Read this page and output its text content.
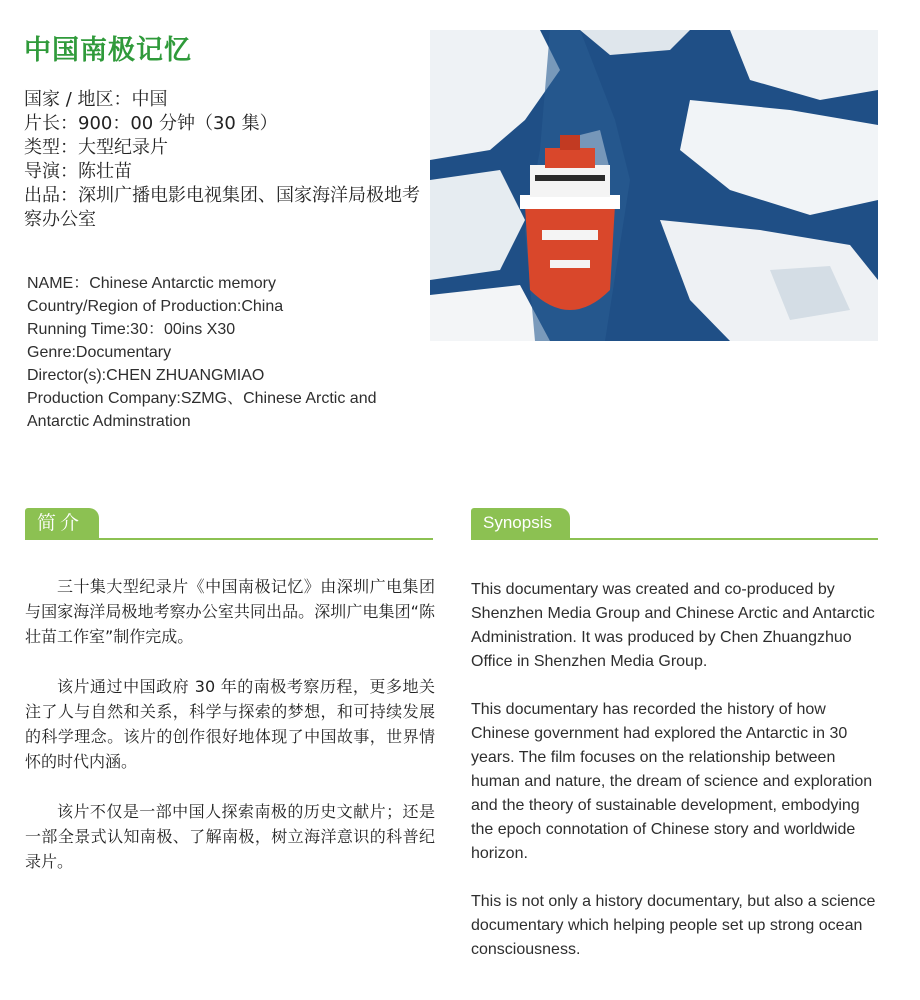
中国南极记忆
国家 / 地区：中国
片长：900：00 分钟（30 集）
类型：大型纪录片
导演：陈壮苗
出品：深圳广播电影电视集团、国家海洋局极地考察办公室
NAME：Chinese Antarctic memory
Country/Region of Production:China
Running Time:30：00ins X30
Genre:Documentary
Director(s):CHEN ZHUANGMIAO
Production Company:SZMG、Chinese Arctic and Antarctic Adminstration
简介	Synopsis

三十集大型纪录片《中国南极记忆》由深圳广电集团与国家海洋局极地考察办公室共同出品。深圳广电集团“陈壮苗工作室”制作完成。

该片通过中国政府 30 年的南极考察历程，更多地关注了人与自然和关系，科学与探索的梦想，和可持续发展的科学理念。该片的创作很好地体现了中国故事，世界情怀的时代内涵。

该片不仅是一部中国人探索南极的历史文献片；还是一部全景式认知南极、了解南极，树立海洋意识的科普纪录片。

This documentary was created and co-produced by Shenzhen Media Group and Chinese Arctic and Antarctic Administration. It was produced by Chen Zhuangzhuo Office in Shenzhen Media Group.

This documentary has recorded the history of how Chinese government had explored the Antarctic in 30 years. The film focuses on the relationship between human and nature, the dream of science and exploration and the theory of sustainable development, embodying the epoch connotation of Chinese story and worldwide horizon.

This is not only a history documentary, but also a science documentary which helping people set up strong ocean consciousness.
